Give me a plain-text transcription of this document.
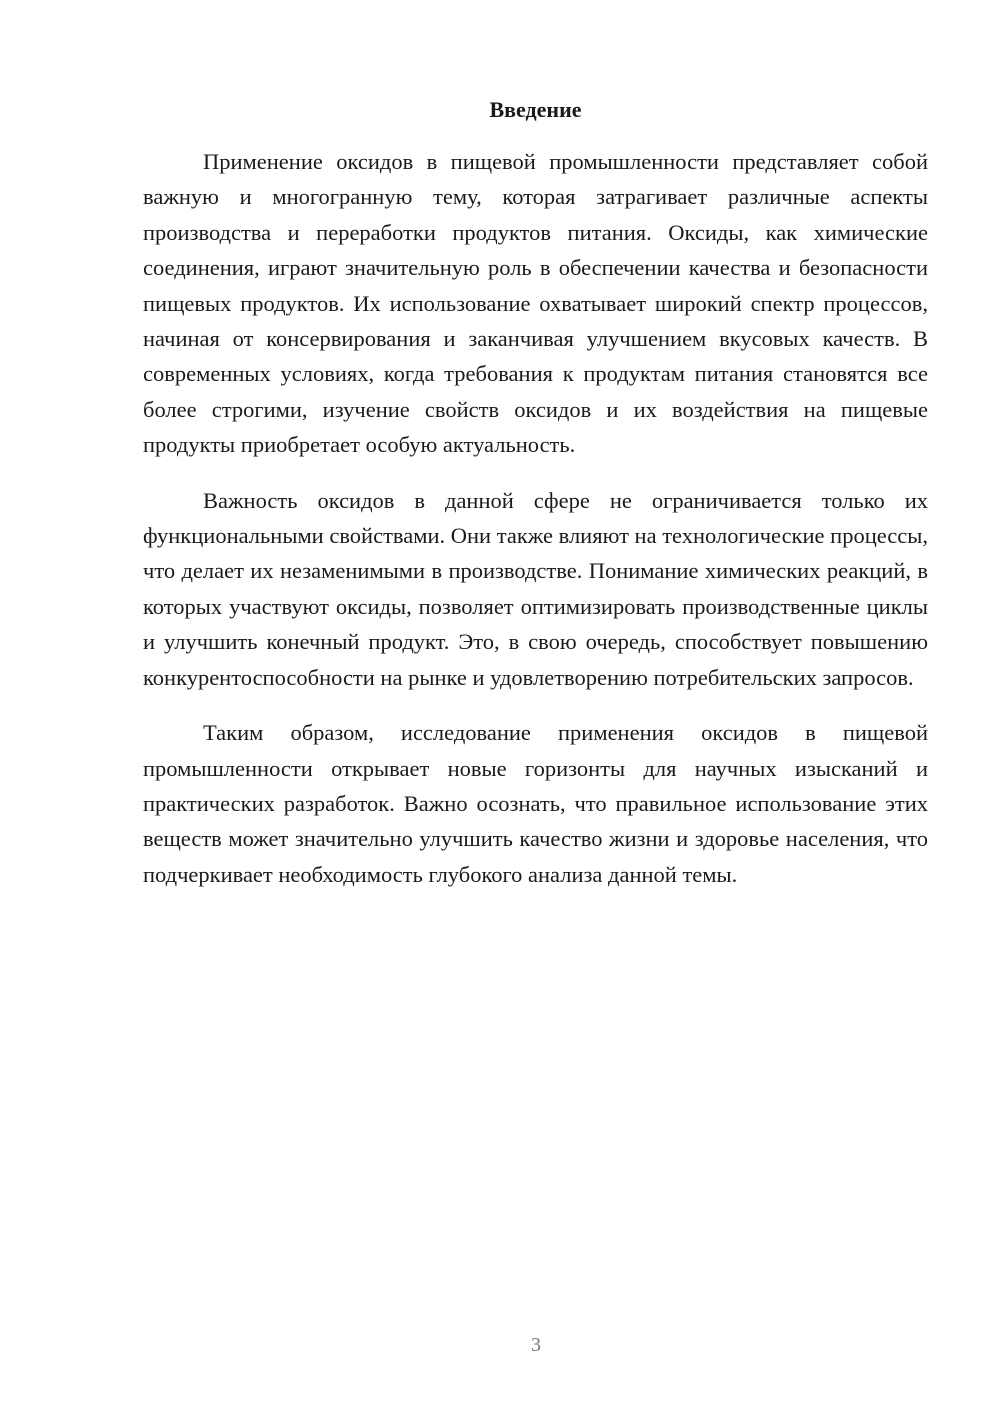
Введение

Применение оксидов в пищевой промышленности представляет собой важную и многогранную тему, которая затрагивает различные аспекты производства и переработки продуктов питания. Оксиды, как химические соединения, играют значительную роль в обеспечении качества и безопасности пищевых продуктов. Их использование охватывает широкий спектр процессов, начиная от консервирования и заканчивая улучшением вкусовых качеств. В современных условиях, когда требования к продуктам питания становятся все более строгими, изучение свойств оксидов и их воздействия на пищевые продукты приобретает особую актуальность.

Важность оксидов в данной сфере не ограничивается только их функциональными свойствами. Они также влияют на технологические процессы, что делает их незаменимыми в производстве. Понимание химических реакций, в которых участвуют оксиды, позволяет оптимизировать производственные циклы и улучшить конечный продукт. Это, в свою очередь, способствует повышению конкурентоспособности на рынке и удовлетворению потребительских запросов.

Таким образом, исследование применения оксидов в пищевой промышленности открывает новые горизонты для научных изысканий и практических разработок. Важно осознать, что правильное использование этих веществ может значительно улучшить качество жизни и здоровье населения, что подчеркивает необходимость глубокого анализа данной темы.

3
